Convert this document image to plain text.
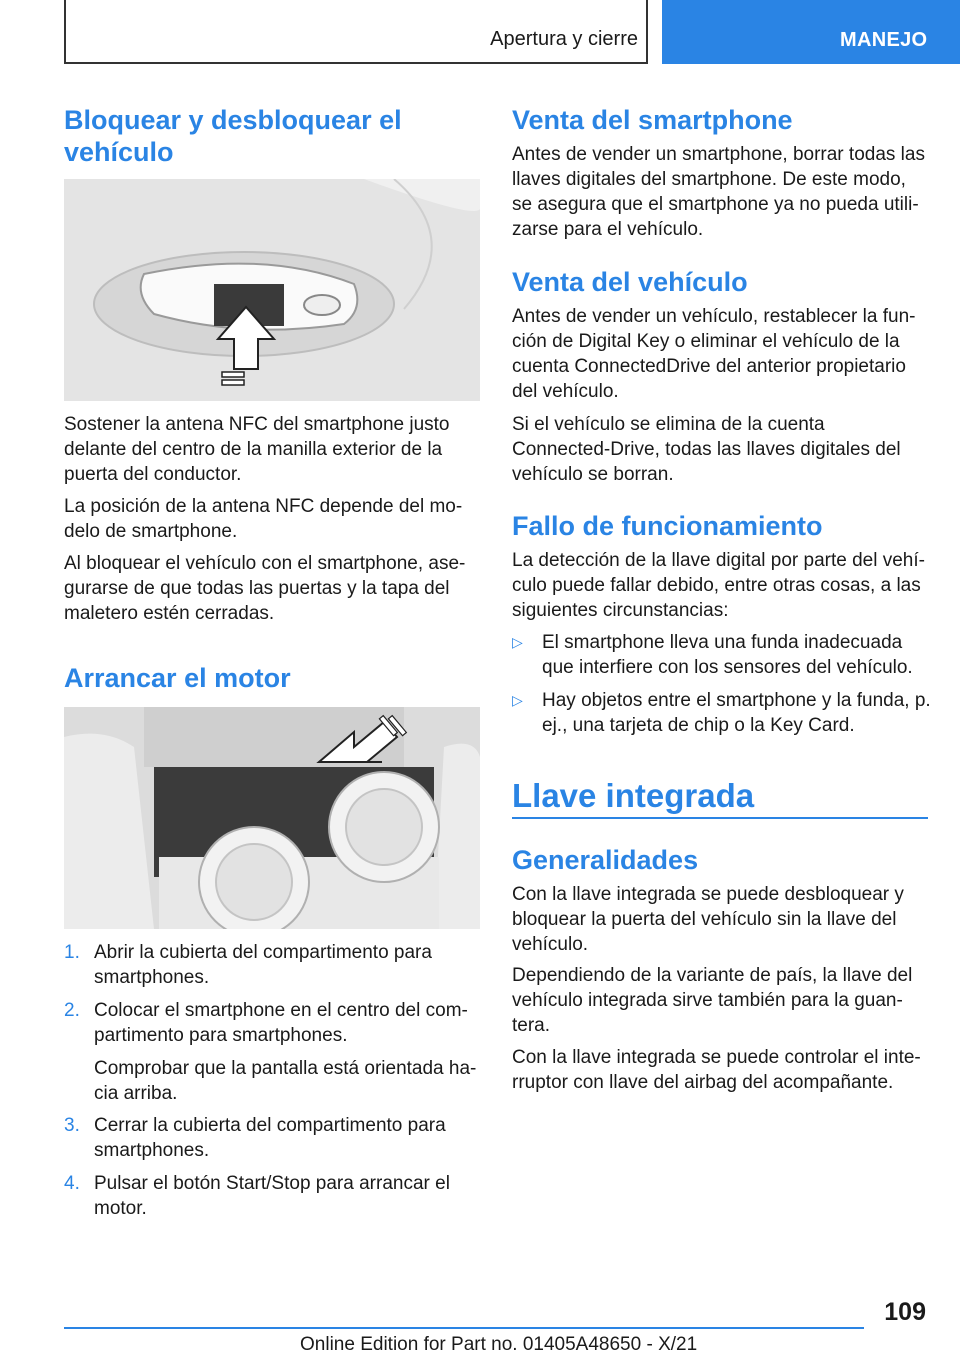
Apertura y cierre	MANEJO
Bloquear y desbloquear el vehículo

Sostener la antena NFC del smartphone justo delante del centro de la manilla exterior de la puerta del conductor.

La posición de la antena NFC depende del mo-delo de smartphone.

Al bloquear el vehículo con el smartphone, ase-gurarse de que todas las puertas y la tapa del maletero estén cerradas.

Arrancar el motor
1. Abrir la cubierta del compartimento para smartphones.
2. Colocar el smartphone en el centro del com-partimento para smartphones.
Comprobar que la pantalla está orientada ha-cia arriba.
3. Cerrar la cubierta del compartimento para smartphones.
4. Pulsar el botón Start/Stop para arrancar el motor.
Venta del smartphone

Antes de vender un smartphone, borrar todas las llaves digitales del smartphone. De este modo, se asegura que el smartphone ya no pueda utili-zarse para el vehículo.

Venta del vehículo

Antes de vender un vehículo, restablecer la fun-ción de Digital Key o eliminar el vehículo de la cuenta ConnectedDrive del anterior propietario del vehículo.

Si el vehículo se elimina de la cuenta Connected-Drive, todas las llaves digitales del vehículo se borran.

Fallo de funcionamiento

La detección de la llave digital por parte del vehí-culo puede fallar debido, entre otras cosas, a las siguientes circunstancias:

▷ El smartphone lleva una funda inadecuada que interfiere con los sensores del vehículo.
▷ Hay objetos entre el smartphone y la funda, p. ej., una tarjeta de chip o la Key Card.
Llave integrada
Generalidades

Con la llave integrada se puede desbloquear y bloquear la puerta del vehículo sin la llave del vehículo.

Dependiendo de la variante de país, la llave del vehículo integrada sirve también para la guan-tera.

Con la llave integrada se puede controlar el inte-rruptor con llave del airbag del acompañante.

109
Online Edition for Part no. 01405A48650 - X/21
